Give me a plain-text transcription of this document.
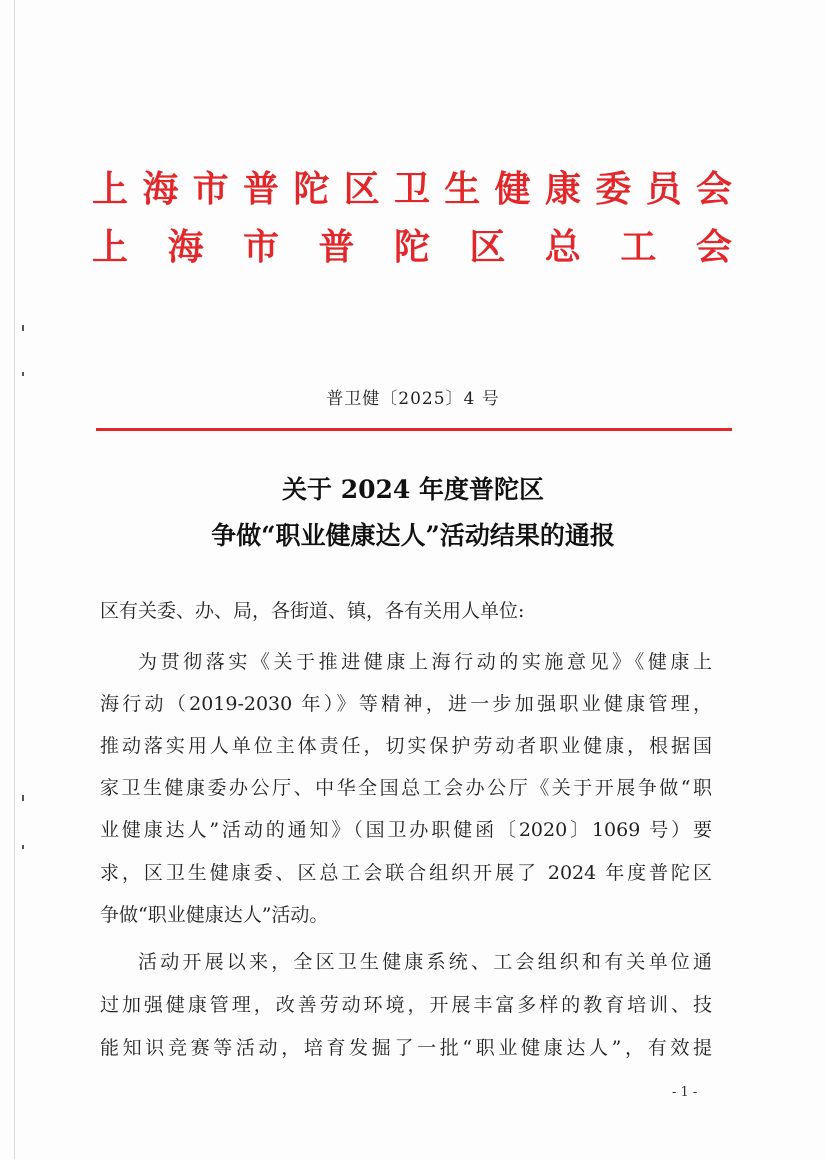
上 海 市 普 陀 区 卫 生 健 康 委 员 会
上 海 市 普 陀 区 总 工 会
普卫健〔2025〕4 号
关于 2024 年度普陀区
争做“职业健康达人”活动结果的通报
区有关委、办、局，各街道、镇，各有关用人单位:
为贯彻落实《关于推进健康上海行动的实施意见》《健康上
海行动（2019-2030 年）》等精神，进一步加强职业健康管理，
推动落实用人单位主体责任，切实保护劳动者职业健康，根据国
家卫生健康委办公厅、中华全国总工会办公厅《关于开展争做“职
业健康达人”活动的通知》（国卫办职健函〔2020〕1069 号）要
求，区卫生健康委、区总工会联合组织开展了 2024 年度普陀区
争做“职业健康达人”活动。
活动开展以来，全区卫生健康系统、工会组织和有关单位通
过加强健康管理，改善劳动环境，开展丰富多样的教育培训、技
能知识竞赛等活动，培育发掘了一批“职业健康达人”，有效提
- 1 -
